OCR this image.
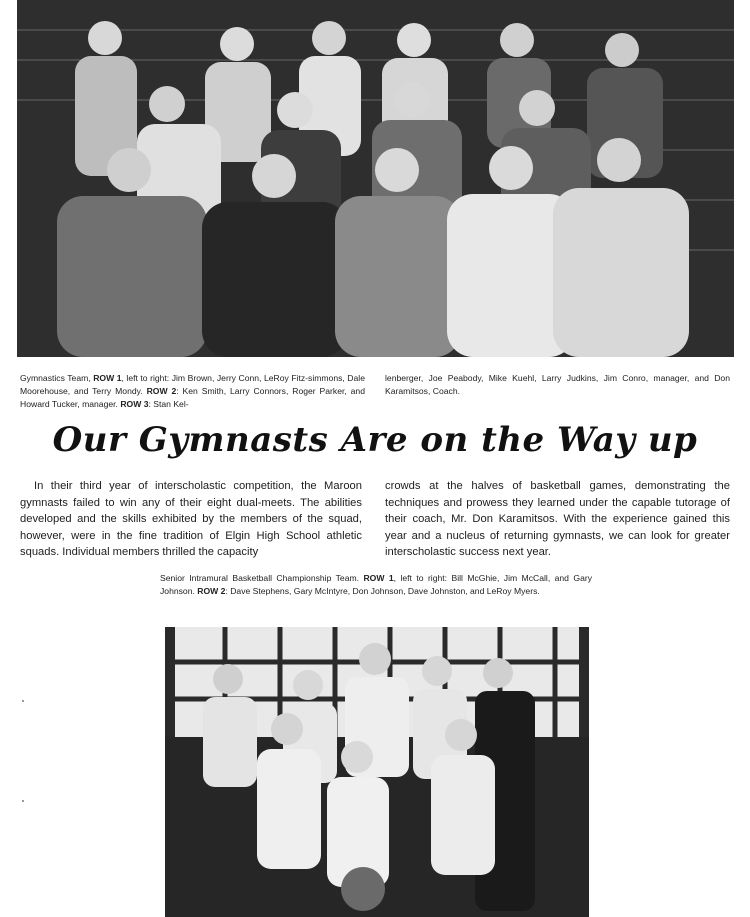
Gymnastics Team, ROW 1, left to right: Jim Brown, Jerry Conn, LeRoy Fitz-simmons, Dale Moorehouse, and Terry Mondy. ROW 2: Ken Smith, Larry Connors, Roger Parker, and Howard Tucker, manager. ROW 3: Stan Kel-

lenberger, Joe Peabody, Mike Kuehl, Larry Judkins, Jim Conro, manager, and Don Karamitsos, Coach.

Our Gymnasts Are on the Way up

In their third year of interscholastic competition, the Maroon gymnasts failed to win any of their eight dual-meets. The abilities developed and the skills exhibited by the members of the squad, however, were in the fine tradition of Elgin High School athletic squads. Individual members thrilled the capacity

crowds at the halves of basketball games, demonstrating the techniques and prowess they learned under the capable tutorage of their coach, Mr. Don Karamitsos. With the experience gained this year and a nucleus of returning gymnasts, we can look for greater interscholastic success next year.

Senior Intramural Basketball Championship Team. ROW 1, left to right: Bill McGhie, Jim McCall, and Gary Johnson. ROW 2: Dave Stephens, Gary McIntyre, Don Johnson, Dave Johnston, and LeRoy Myers.
